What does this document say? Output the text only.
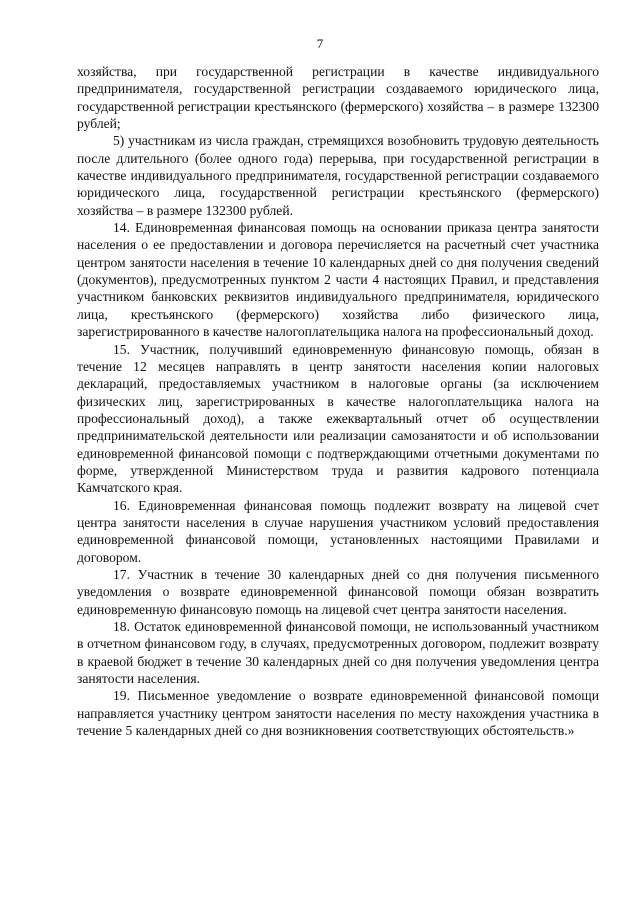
7

хозяйства, при государственной регистрации в качестве индивидуального предпринимателя, государственной регистрации создаваемого юридического лица, государственной регистрации крестьянского (фермерского) хозяйства – в размере 132300 рублей;

5) участникам из числа граждан, стремящихся возобновить трудовую деятельность после длительного (более одного года) перерыва, при государственной регистрации в качестве индивидуального предпринимателя, государственной регистрации создаваемого юридического лица, государственной регистрации крестьянского (фермерского) хозяйства – в размере 132300 рублей.

14. Единовременная финансовая помощь на основании приказа центра занятости населения о ее предоставлении и договора перечисляется на расчетный счет участника центром занятости населения в течение 10 календарных дней со дня получения сведений (документов), предусмотренных пунктом 2 части 4 настоящих Правил, и представления участником банковских реквизитов индивидуального предпринимателя, юридического лица, крестьянского (фермерского) хозяйства либо физического лица, зарегистрированного в качестве налогоплательщика налога на профессиональный доход.

15. Участник, получивший единовременную финансовую помощь, обязан в течение 12 месяцев направлять в центр занятости населения копии налоговых деклараций, предоставляемых участником в налоговые органы (за исключением физических лиц, зарегистрированных в качестве налогоплательщика налога на профессиональный доход), а также ежеквартальный отчет об осуществлении предпринимательской деятельности или реализации самозанятости и об использовании единовременной финансовой помощи с подтверждающими отчетными документами по форме, утвержденной Министерством труда и развития кадрового потенциала Камчатского края.

16. Единовременная финансовая помощь подлежит возврату на лицевой счет центра занятости населения в случае нарушения участником условий предоставления единовременной финансовой помощи, установленных настоящими Правилами и договором.

17. Участник в течение 30 календарных дней со дня получения письменного уведомления о возврате единовременной финансовой помощи обязан возвратить единовременную финансовую помощь на лицевой счет центра занятости населения.

18. Остаток единовременной финансовой помощи, не использованный участником в отчетном финансовом году, в случаях, предусмотренных договором, подлежит возврату в краевой бюджет в течение 30 календарных дней со дня получения уведомления центра занятости населения.

19. Письменное уведомление о возврате единовременной финансовой помощи направляется участнику центром занятости населения по месту нахождения участника в течение 5 календарных дней со дня возникновения соответствующих обстоятельств.»
